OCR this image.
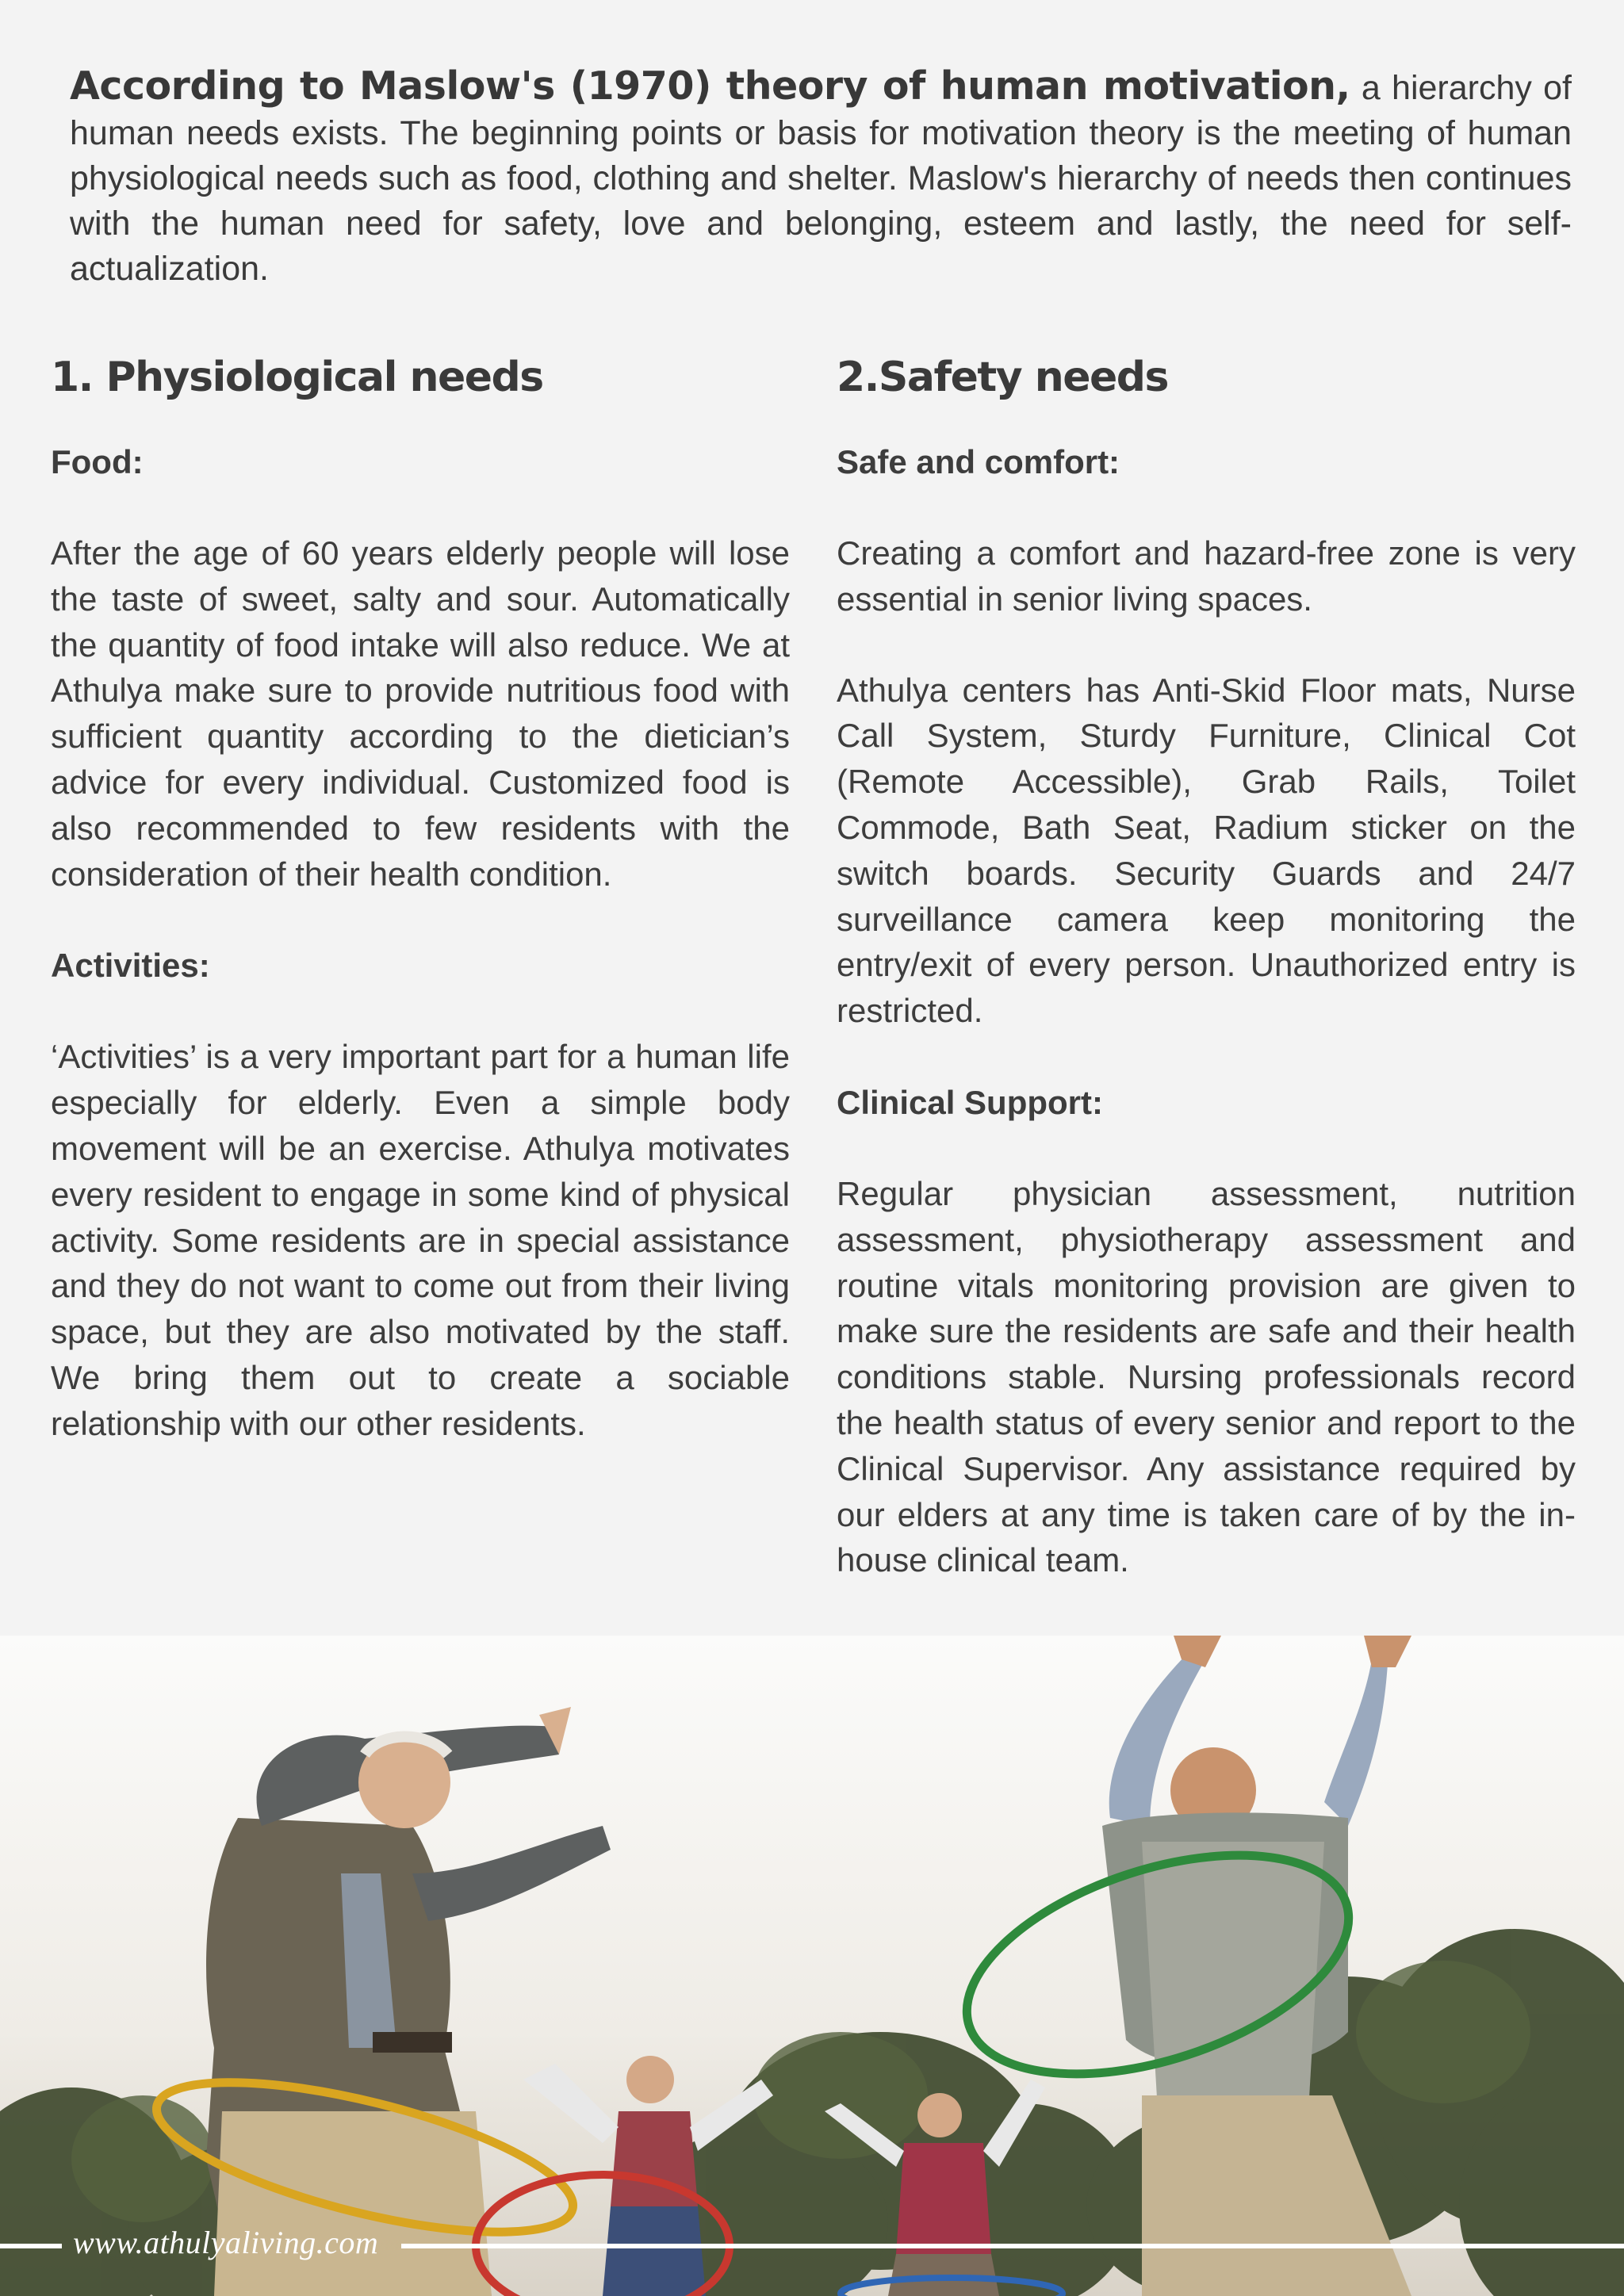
According to Maslow's (1970) theory of human motivation, a hierarchy of human needs exists. The beginning points or basis for motivation theory is the meeting of human physiological needs such as food, clothing and shelter. Maslow's hierarchy of needs then continues with the human need for safety, love and belonging, esteem and lastly, the need for self-actualization.
1. Physiological needs
Food:

After the age of 60 years elderly people will lose the taste of sweet, salty and sour. Automatically the quantity of food intake will also reduce. We at Athulya make sure to provide nutritious food with sufficient quantity according to the dietician’s advice for every individual. Customized food is also recommended to few residents with the consideration of their health condition.

Activities:

‘Activities’ is a very important part for a human life especially for elderly. Even a simple body movement will be an exercise. Athulya motivates every resident to engage in some kind of physical activity. Some residents are in special assistance and they do not want to come out from their living space, but they are also motivated by the staff. We bring them out to create a sociable relationship with our other residents.

2.Safety needs
Safe and comfort:

Creating a comfort and hazard-free zone is very essential in senior living spaces.

Athulya centers has Anti-Skid Floor mats, Nurse Call System, Sturdy Furniture, Clinical Cot (Remote Accessible), Grab Rails, Toilet Commode, Bath Seat, Radium sticker on the switch boards. Security Guards and 24/7 surveillance camera keep monitoring the entry/exit of every person. Unauthorized entry is restricted.

Clinical Support:

Regular physician assessment, nutrition assessment, physiotherapy assessment and routine vitals monitoring provision are given to make sure the residents are safe and their health conditions stable. Nursing professionals record the health status of every senior and report to the Clinical Supervisor. Any assistance required by our elders at any time is taken care of by the in-house clinical team.

www.athulyaliving.com
